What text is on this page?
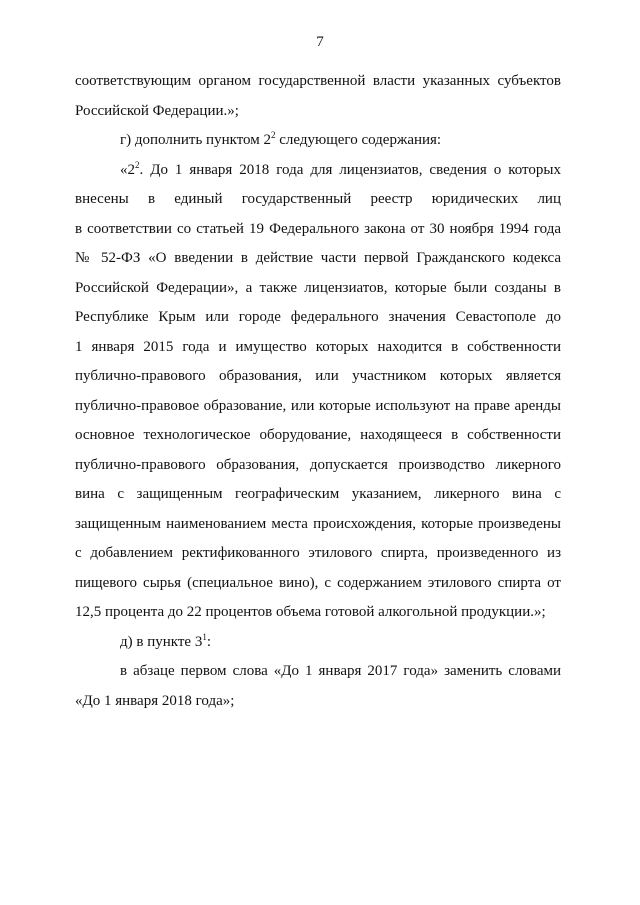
7
соответствующим органом государственной власти указанных субъектов
Российской Федерации.»;
г) дополнить пунктом $2^2$ следующего содержания:
«$2^2$. До 1 января 2018 года для лицензиатов, сведения о которых
внесены в единый государственный реестр юридических лиц
в соответствии со статьей 19 Федерального закона от 30 ноября 1994 года
№ 52-ФЗ «О введении в действие части первой Гражданского кодекса
Российской Федерации», а также лицензиатов, которые были созданы в
Республике Крым или городе федерального значения Севастополе до
1 января 2015 года и имущество которых находится в собственности
публично-правового образования, или участником которых является
публично-правовое образование, или которые используют на праве аренды
основное технологическое оборудование, находящееся в собственности
публично-правового образования, допускается производство ликерного
вина с защищенным географическим указанием, ликерного вина с
защищенным наименованием места происхождения, которые произведены
с добавлением ректификованного этилового спирта, произведенного из
пищевого сырья (специальное вино), с содержанием этилового спирта от
12,5 процента до 22 процентов объема готовой алкогольной продукции.»;
д) в пункте $3^1$:
в абзаце первом слова «До 1 января 2017 года» заменить словами
«До 1 января 2018 года»;
